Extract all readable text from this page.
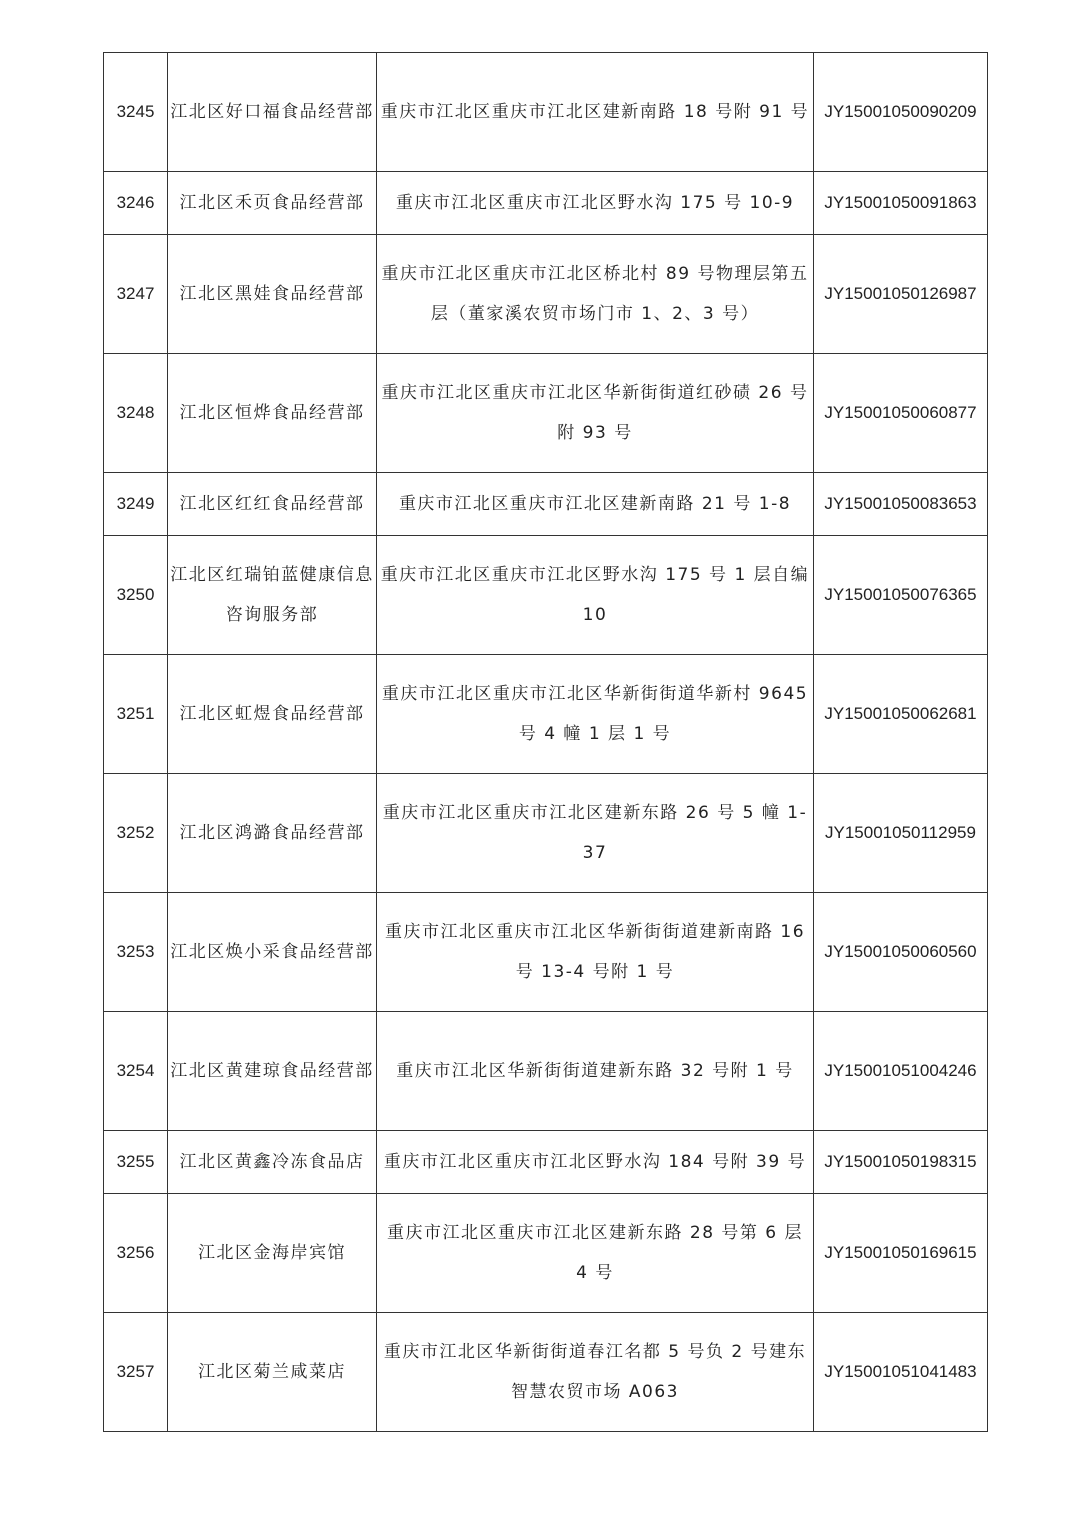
3245	江北区好口福食品经营部	重庆市江北区重庆市江北区建新南路 18 号附 91 号	JY15001050090209
3246	江北区禾页食品经营部	重庆市江北区重庆市江北区野水沟 175 号 10-9	JY15001050091863
3247	江北区黑娃食品经营部	重庆市江北区重庆市江北区桥北村 89 号物理层第五层（董家溪农贸市场门市 1、2、3 号）	JY15001050126987
3248	江北区恒烨食品经营部	重庆市江北区重庆市江北区华新街街道红砂碛 26 号附 93 号	JY15001050060877
3249	江北区红红食品经营部	重庆市江北区重庆市江北区建新南路 21 号 1-8	JY15001050083653
3250	江北区红瑞铂蓝健康信息咨询服务部	重庆市江北区重庆市江北区野水沟 175 号 1 层自编 10	JY15001050076365
3251	江北区虹煜食品经营部	重庆市江北区重庆市江北区华新街街道华新村 9645 号 4 幢 1 层 1 号	JY15001050062681
3252	江北区鸿潞食品经营部	重庆市江北区重庆市江北区建新东路 26 号 5 幢 1-37	JY15001050112959
3253	江北区焕小采食品经营部	重庆市江北区重庆市江北区华新街街道建新南路 16 号 13-4 号附 1 号	JY15001050060560
3254	江北区黄建琼食品经营部	重庆市江北区华新街街道建新东路 32 号附 1 号	JY15001051004246
3255	江北区黄鑫冷冻食品店	重庆市江北区重庆市江北区野水沟 184 号附 39 号	JY15001050198315
3256	江北区金海岸宾馆	重庆市江北区重庆市江北区建新东路 28 号第 6 层 4 号	JY15001050169615
3257	江北区菊兰咸菜店	重庆市江北区华新街街道春江名都 5 号负 2 号建东智慧农贸市场 A063	JY15001051041483
